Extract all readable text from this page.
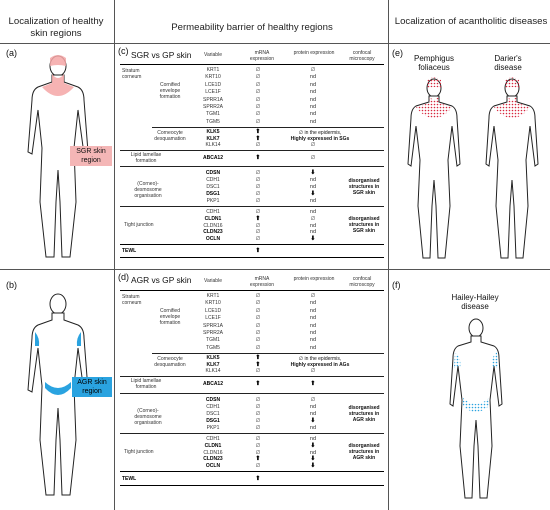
Localization of healthy skin regions
Permeability barrier of healthy regions
Localization of acantholitic diseases
(a)
(b)
(c)
(d)
(e)
(f)
SGR skin region
AGR skin region
Pemphigus foliaceus
Darier's disease
Hailey-Hailey disease
SGR vs GP skin	Variable	mRNA expression
protein expression	confocal microscopy
Stratum corneum
Cornified envelope formation
KRT1	∅	∅
KRT10	∅	nd
LCE1D	∅	nd
LCE1F	∅	nd
SPRR1A	∅	nd
SPRR2A	∅	nd
TGM1	∅	nd
TGM5	∅	nd
Corneocyte desquamation
KLK5	⬆
KLK7	⬆
KLK14	∅	∅
∅ in the epidermis,
Highly expressed in SGs
Lipid lamellae formation	ABCA12	⬆	∅
(Corneo)- desmosome organisation
CDSN	∅	⬇
CDH1	∅	nd
DSC1	∅	nd
DSG1	∅	⬇
PKP1	∅	nd
disorganised structures in SGR skin
Tight junction
CDH1	∅	nd
CLDN1	⬆	∅
CLDN16	∅	nd
CLDN23	∅	nd
OCLN	∅	⬇
disorganised structures in SGR skin
TEWL	⬆
AGR vs GP skin	Variable	mRNA expression
protein expression	confocal microscopy
Stratum corneum
Cornified envelope formation
KRT1	∅	∅
KRT10	∅	nd
LCE1D	∅	nd
LCE1F	∅	nd
SPRR1A	∅	nd
SPRR2A	∅	nd
TGM1	∅	nd
TGM5	∅	nd
Corneocyte desquamation
KLK5	⬆
KLK7	⬆
KLK14	∅	∅
∅ in the epidermis,
Highly expressed in AGs
Lipid lamellae formation	ABCA12	⬆	⬆
(Corneo)- desmosome organisation
CDSN	∅	∅
CDH1	∅	nd
DSC1	∅	nd
DSG1	∅	⬇
PKP1	∅	nd
disorganised structures in AGR skin
Tight junction
CDH1	∅	nd
CLDN1	∅	⬇
CLDN16	∅	nd
CLDN23	⬆	⬇
OCLN	∅	⬇
disorganised structures in AGR skin
TEWL	⬆
